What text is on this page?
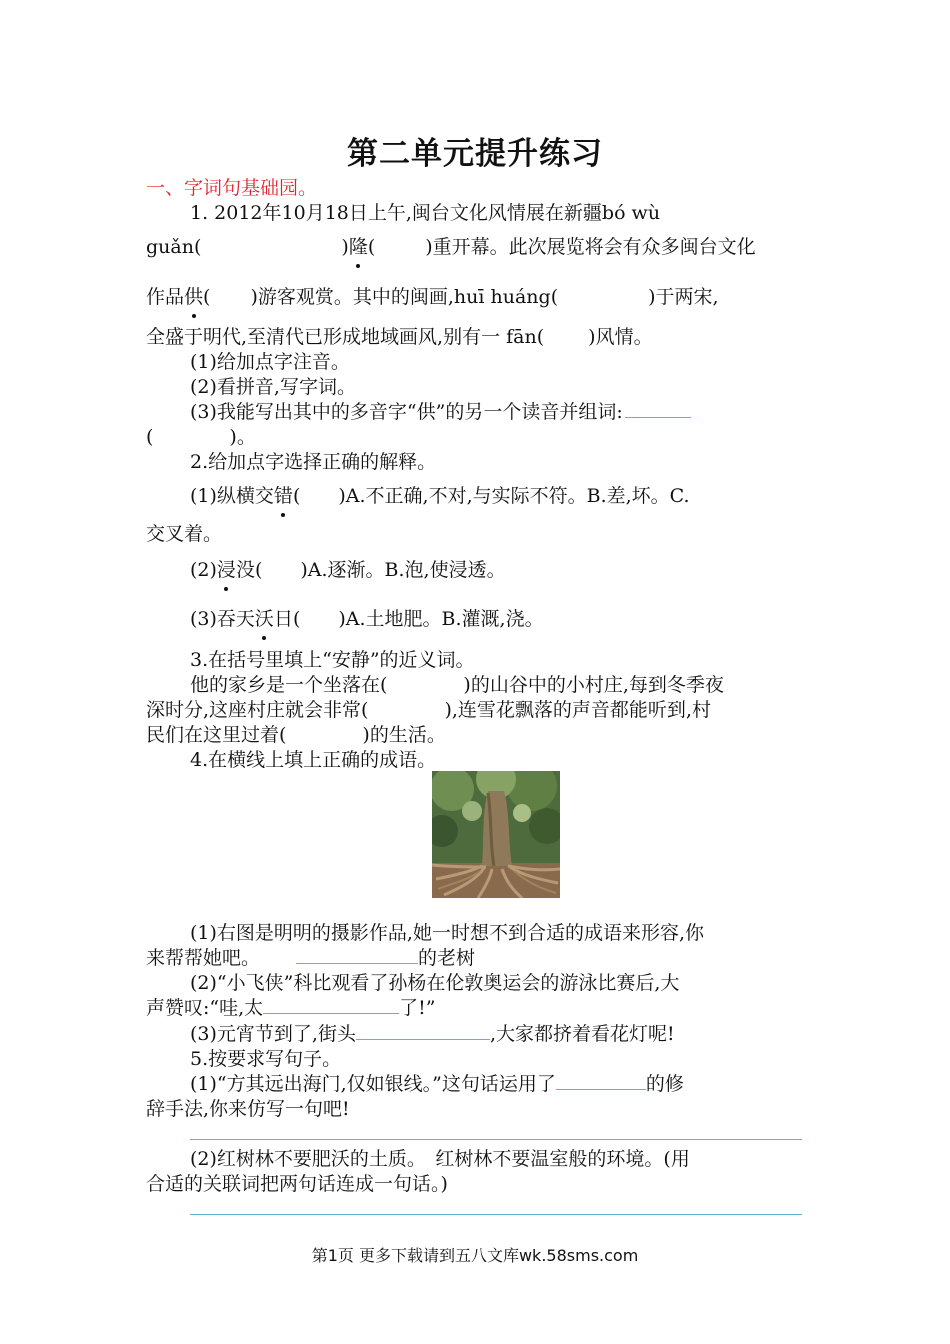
第二单元提升练习
一、字词句基础园。
1. 2012年10月18日上午,闽台文化风情展在新疆bó wù
guǎn(	)隆(	)重开幕。此次展览将会有众多闽台文化
作品供( )游客观赏。其中的闽画,huī huáng(	)于两宋,
全盛于明代,至清代已形成地域画风,别有一 fān(　 　)风情。
(1)给加点字注音。
(2)看拼音,写字词。
(3)我能写出其中的多音字“供”的另一个读音并组词:
(　　　　)。
2.给加点字选择正确的解释。
(1)纵横交错(　　)A.不正确,不对,与实际不符。B.差,坏。C.
交叉着。
(2)浸没(　　)A.逐渐。B.泡,使浸透。
(3)吞天沃日(　　)A.土地肥。B.灌溉,浇。
3.在括号里填上“安静”的近义词。
他的家乡是一个坐落在(　　　　)的山谷中的小村庄,每到冬季夜
深时分,这座村庄就会非常(　　　　),连雪花飘落的声音都能听到,村
民们在这里过着(　　　　)的生活。
4.在横线上填上正确的成语。
(1)右图是明明的摄影作品,她一时想不到合适的成语来形容,你
来帮帮她吧。	的老树
(2)“小飞侠”科比观看了孙杨在伦敦奥运会的游泳比赛后,大
声赞叹:“哇,太	了!”
(3)元宵节到了,街头	,大家都挤着看花灯呢!
5.按要求写句子。
(1)“方其远出海门,仅如银线。”这句话运用了	的修
辞手法,你来仿写一句吧!
(2)红树林不要肥沃的土质。　红树林不要温室般的环境。(用
合适的关联词把两句话连成一句话。)
第1页 更多下载请到五八文库wk.58sms.com
